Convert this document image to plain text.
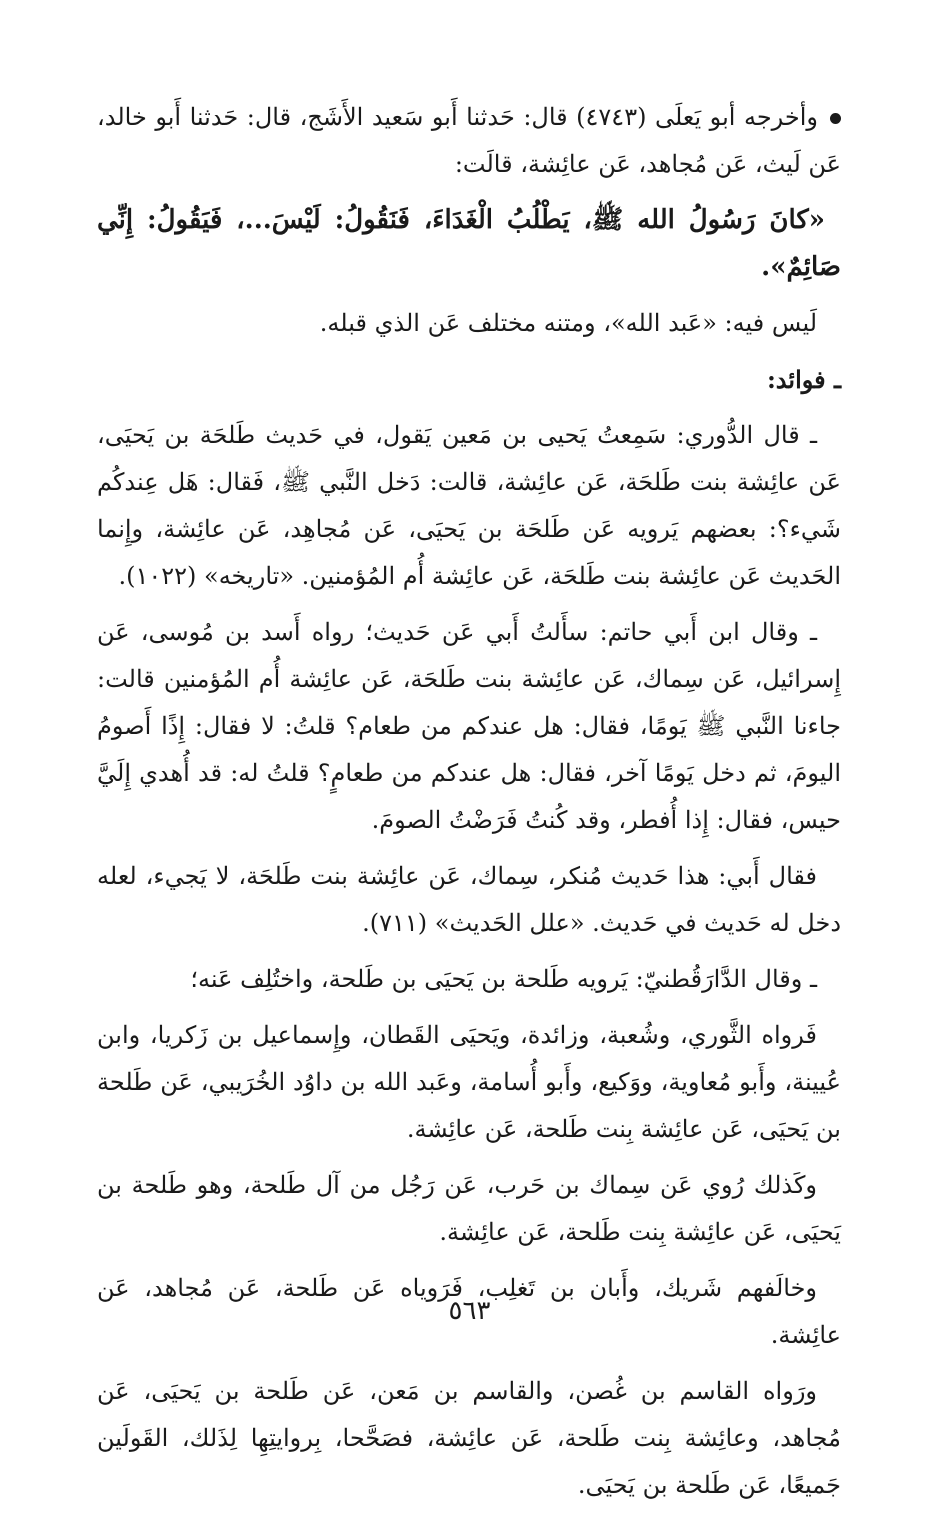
وأخرجه أبو يَعلَى (٤٧٤٣) قال: حَدثنا أَبو سَعيد الأَشَج، قال: حَدثنا أَبو خالد، عَن لَيث، عَن مُجاهد، عَن عائِشة، قالَت:

«كانَ رَسُولُ الله ﷺ، يَطْلُبُ الْغَدَاءَ، فَنَقُولُ: لَيْسَ...، فَيَقُولُ: إِنِّي صَائِمٌ».

لَيس فيه: «عَبد الله»، ومتنه مختلف عَن الذي قبله.

ـ فوائد:

ـ قال الدُّوري: سَمِعتُ يَحيى بن مَعين يَقول، في حَديث طَلحَة بن يَحيَى، عَن عائِشة بنت طَلحَة، عَن عائِشة، قالت: دَخل النَّبي ﷺ، فَقال: هَل عِندكُم شَيء؟: بعضهم يَرويه عَن طَلحَة بن يَحيَى، عَن مُجاهِد، عَن عائِشة، وإِنما الحَديث عَن عائِشة بنت طَلحَة، عَن عائِشة أُم المُؤمنين. «تاريخه» (١٠٢٢).

ـ وقال ابن أَبي حاتم: سأَلتُ أَبي عَن حَديث؛ رواه أَسد بن مُوسى، عَن إِسرائيل، عَن سِماك، عَن عائِشة بنت طَلحَة، عَن عائِشة أُم المُؤمنين قالت: جاءنا النَّبي ﷺ يَومًا، فقال: هل عندكم من طعام؟ قلتُ: لا فقال: إِذًا أَصومُ اليومَ، ثم دخل يَومًا آخر، فقال: هل عندكم من طعامٍ؟ قلتُ له: قد أُهدي إِلَيَّ حيس، فقال: إِذا أُفطر، وقد كُنتُ فَرَضْتُ الصومَ.

فقال أَبي: هذا حَديث مُنكر، سِماك، عَن عائِشة بنت طَلحَة، لا يَجيء، لعله دخل له حَديث في حَديث. «علل الحَديث» (٧١١).

ـ وقال الدَّارَقُطنيّ: يَرويه طَلحة بن يَحيَى بن طَلحة، واختُلِف عَنه؛

فَرواه الثَّوري، وشُعبة، وزائدة، ويَحيَى القَطان، وإِسماعيل بن زَكريا، وابن عُيينة، وأَبو مُعاوية، ووَكيع، وأَبو أُسامة، وعَبد الله بن داوُد الخُرَيبي، عَن طَلحة بن يَحيَى، عَن عائِشة بِنت طَلحة، عَن عائِشة.

وكَذلك رُوي عَن سِماك بن حَرب، عَن رَجُل من آل طَلحة، وهو طَلحة بن يَحيَى، عَن عائِشة بِنت طَلحة، عَن عائِشة.

وخالَفهم شَريك، وأَبان بن تَغلِب، فَرَوياه عَن طَلحة، عَن مُجاهد، عَن عائِشة.

ورَواه القاسم بن غُصن، والقاسم بن مَعن، عَن طَلحة بن يَحيَى، عَن مُجاهد، وعائِشة بِنت طَلحة، عَن عائِشة، فصَحَّحا، بِروايتِهِا لِذَلك، القَولَين جَميعًا، عَن طَلحة بن يَحيَى.

٥٦٣
